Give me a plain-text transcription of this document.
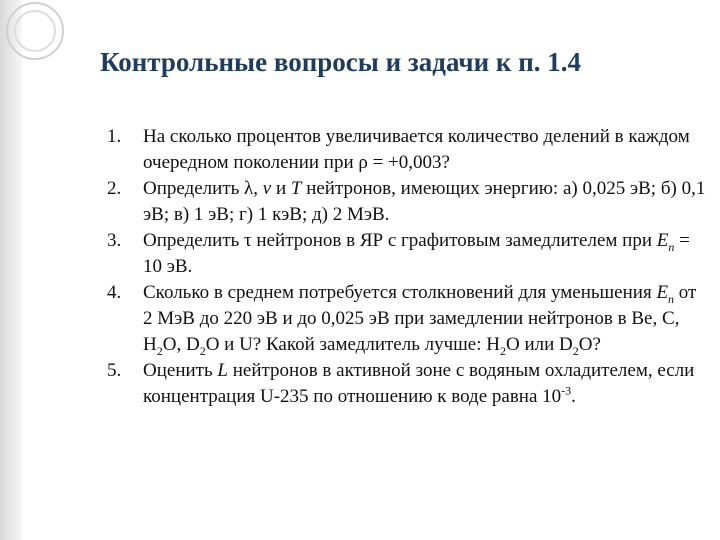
Контрольные вопросы и задачи к п. 1.4
1.	На сколько процентов увеличивается количество делений в каждом очередном поколении при ρ = +0,003?
2.	Определить λ, v и T нейтронов, имеющих энергию: а) 0,025 эВ; б) 0,1 эВ; в) 1 эВ; г) 1 кэВ; д) 2 МэВ.
3.	Определить τ нейтронов в ЯР с графитовым замедлителем при $E_n = 10$ эВ.
4.	Сколько в среднем потребуется столкновений для уменьшения $E_n$ от 2 МэВ до 220 эВ и до 0,025 эВ при замедлении нейтронов в Be, C, $H_2O$, $D_2O$ и U? Какой замедлитель лучше: $H_2O$ или $D_2O$?
5.	Оценить L нейтронов в активной зоне с водяным охладителем, если концентрация U-235 по отношению к воде равна $10^{-3}$.
